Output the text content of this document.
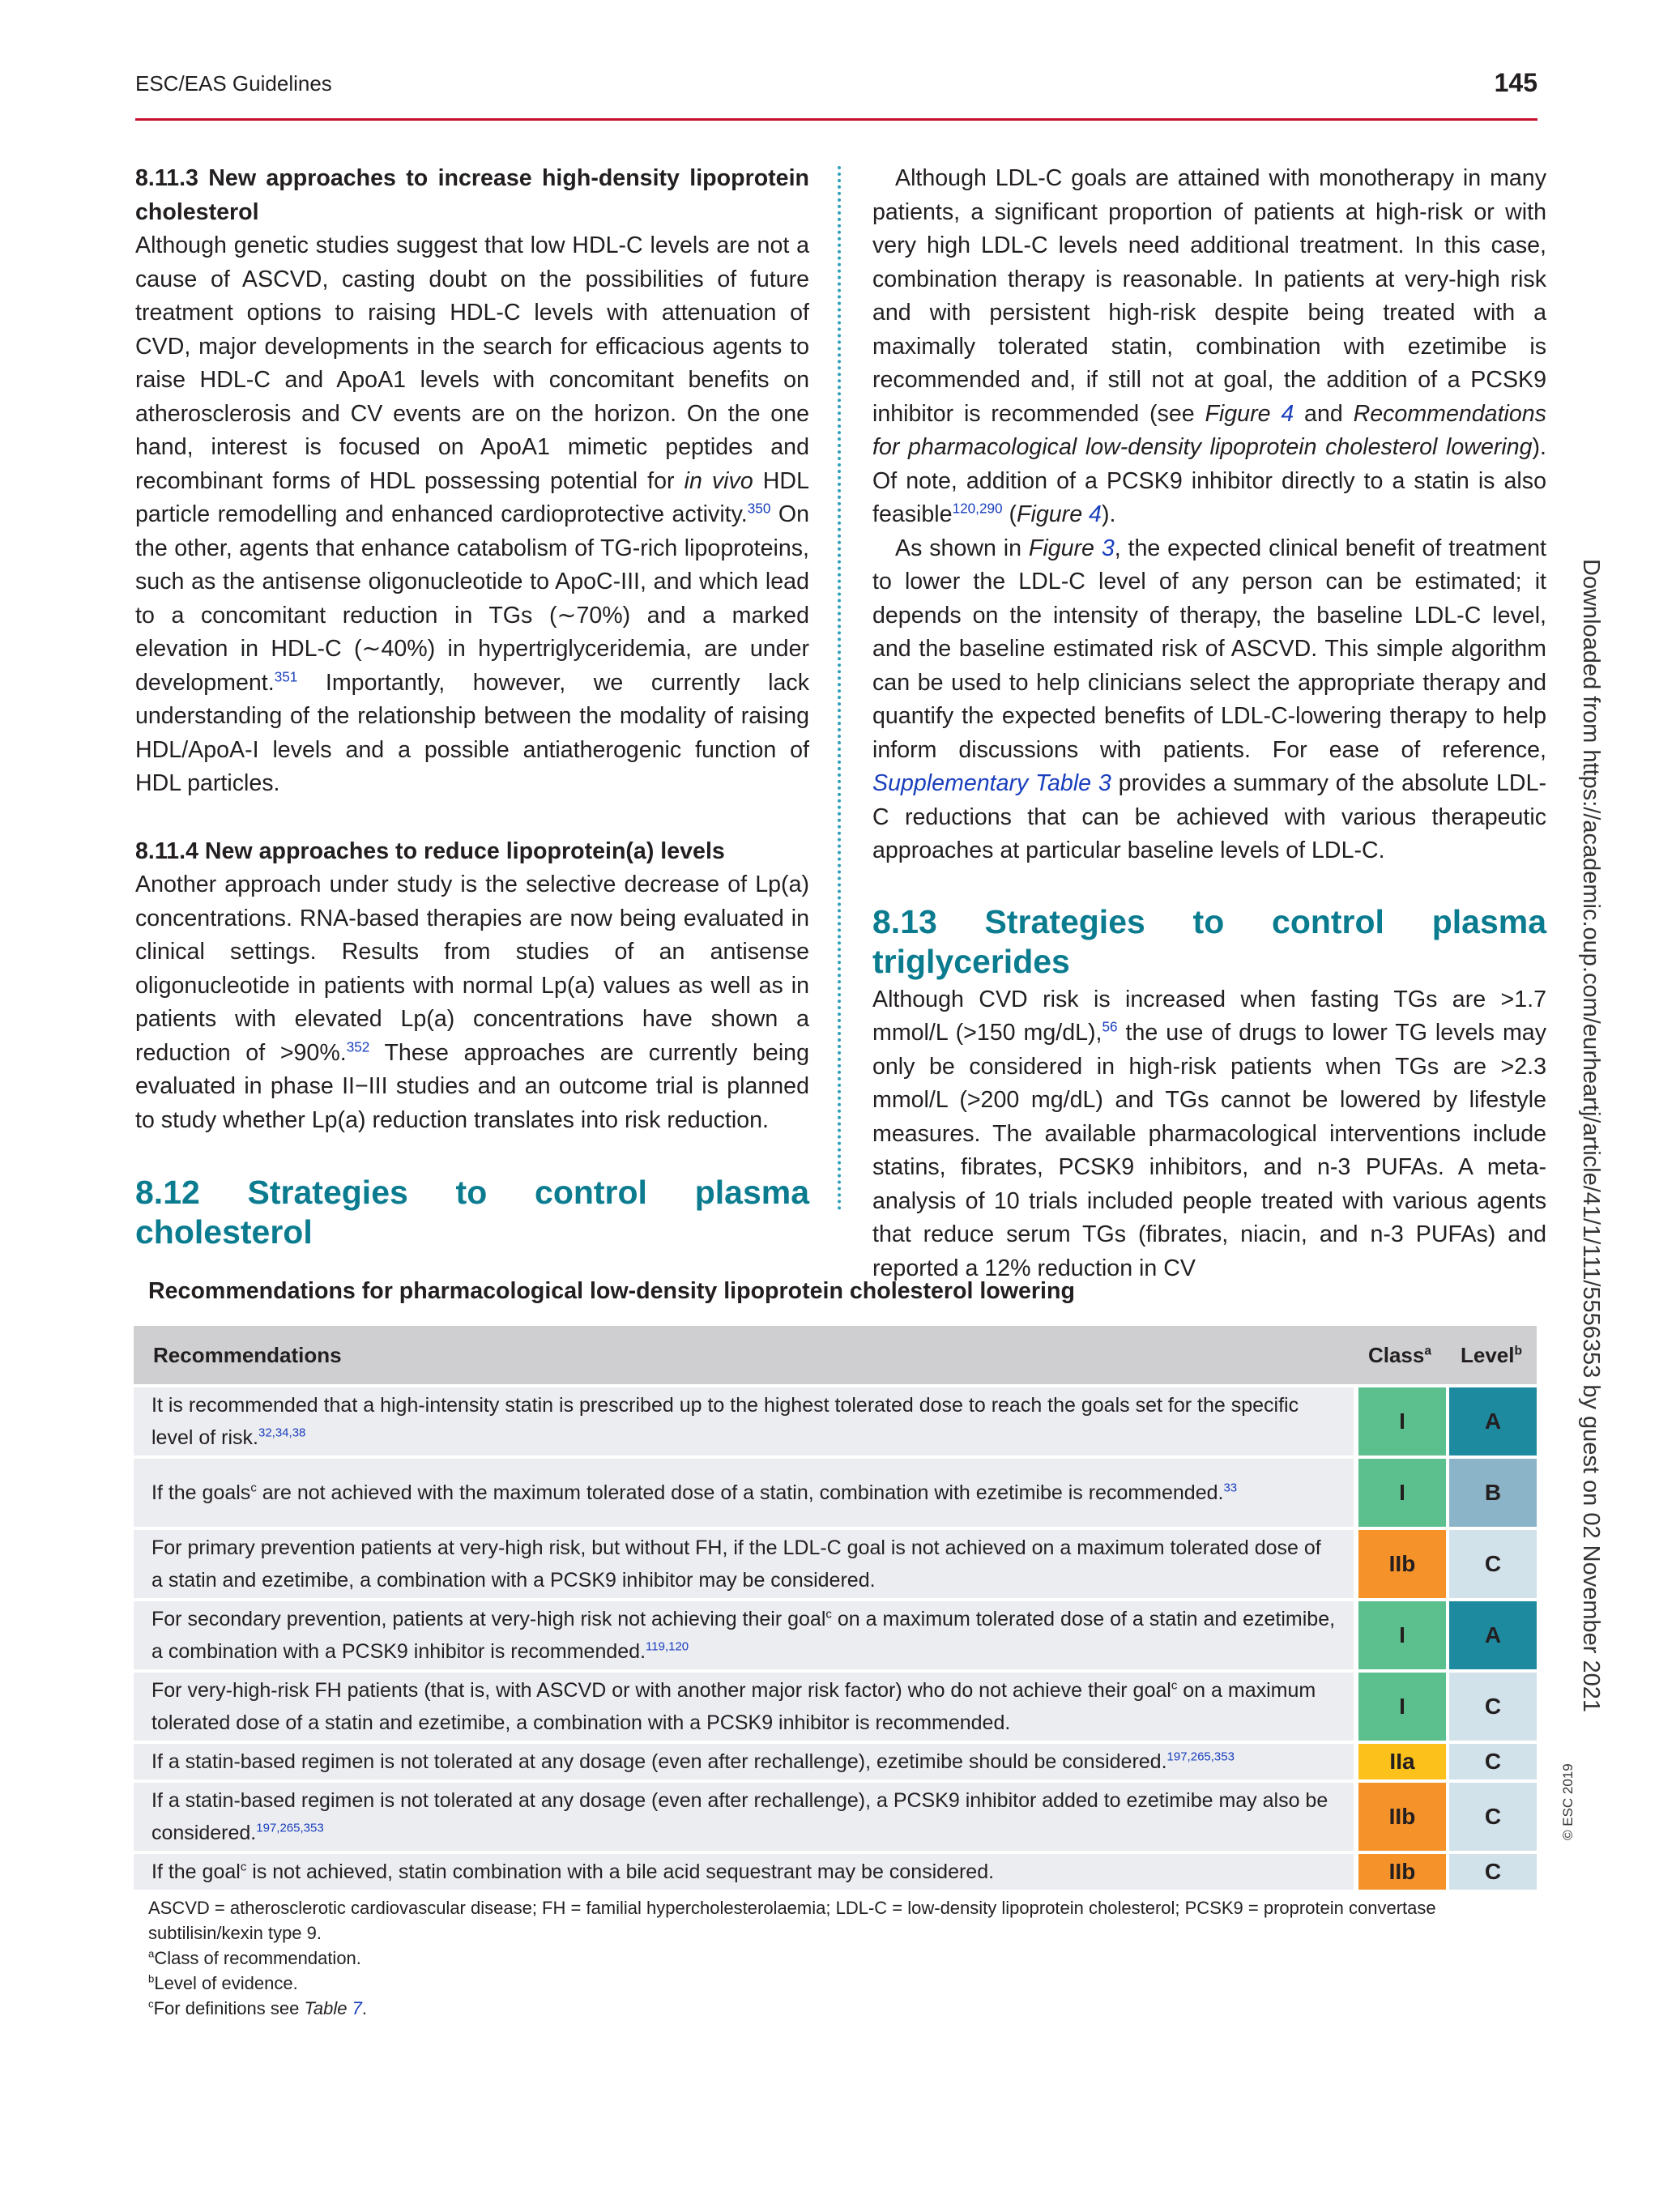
ESC/EAS Guidelines	145
8.11.3 New approaches to increase high-density lipoprotein cholesterol

Although genetic studies suggest that low HDL-C levels are not a cause of ASCVD, casting doubt on the possibilities of future treatment options to raising HDL-C levels with attenuation of CVD, major developments in the search for efficacious agents to raise HDL-C and ApoA1 levels with concomitant benefits on atherosclerosis and CV events are on the horizon. On the one hand, interest is focused on ApoA1 mimetic peptides and recombinant forms of HDL possessing potential for in vivo HDL particle remodelling and enhanced cardioprotective activity.$^{350}$ On the other, agents that enhance catabolism of TG-rich lipoproteins, such as the antisense oligonucleotide to ApoC-III, and which lead to a concomitant reduction in TGs (∼70%) and a marked elevation in HDL-C (∼40%) in hypertriglyceridemia, are under development.$^{351}$ Importantly, however, we currently lack understanding of the relationship between the modality of raising HDL/ApoA-I levels and a possible antiatherogenic function of HDL particles.

8.11.4 New approaches to reduce lipoprotein(a) levels

Another approach under study is the selective decrease of Lp(a) concentrations. RNA-based therapies are now being evaluated in clinical settings. Results from studies of an antisense oligonucleotide in patients with normal Lp(a) values as well as in patients with elevated Lp(a) concentrations have shown a reduction of >90%.$^{352}$ These approaches are currently being evaluated in phase II−III studies and an outcome trial is planned to study whether Lp(a) reduction translates into risk reduction.

8.12 Strategies to control plasma cholesterol

Although LDL-C goals are attained with monotherapy in many patients, a significant proportion of patients at high-risk or with very high LDL-C levels need additional treatment. In this case, combination therapy is reasonable. In patients at very-high risk and with persistent high-risk despite being treated with a maximally tolerated statin, combination with ezetimibe is recommended and, if still not at goal, the addition of a PCSK9 inhibitor is recommended (see Figure 4 and Recommendations for pharmacological low-density lipoprotein cholesterol lowering). Of note, addition of a PCSK9 inhibitor directly to a statin is also feasible$^{120,290}$ (Figure 4).

As shown in Figure 3, the expected clinical benefit of treatment to lower the LDL-C level of any person can be estimated; it depends on the intensity of therapy, the baseline LDL-C level, and the baseline estimated risk of ASCVD. This simple algorithm can be used to help clinicians select the appropriate therapy and quantify the expected benefits of LDL-C-lowering therapy to help inform discussions with patients. For ease of reference, Supplementary Table 3 provides a summary of the absolute LDL-C reductions that can be achieved with various therapeutic approaches at particular baseline levels of LDL-C.

8.13 Strategies to control plasma triglycerides

Although CVD risk is increased when fasting TGs are >1.7 mmol/L (>150 mg/dL),$^{56}$ the use of drugs to lower TG levels may only be considered in high-risk patients when TGs are >2.3 mmol/L (>200 mg/dL) and TGs cannot be lowered by lifestyle measures. The available pharmacological interventions include statins, fibrates, PCSK9 inhibitors, and n-3 PUFAs. A meta-analysis of 10 trials included people treated with various agents that reduce serum TGs (fibrates, niacin, and n-3 PUFAs) and reported a 12% reduction in CV	Downloaded from https://academic.oup.com/eurheartj/article/41/1/111/5556353 by guest on 02 November 2021
© ESC 2019
Recommendations for pharmacological low-density lipoprotein cholesterol lowering
Recommendations	Class$^a$	Level$^b$
It is recommended that a high-intensity statin is prescribed up to the highest tolerated dose to reach the goals set for the specific level of risk.$^{32,34,38}$	I	A
If the goals$^c$ are not achieved with the maximum tolerated dose of a statin, combination with ezetimibe is recommended.$^{33}$	I	B
For primary prevention patients at very-high risk, but without FH, if the LDL-C goal is not achieved on a maximum tolerated dose of a statin and ezetimibe, a combination with a PCSK9 inhibitor may be considered.	IIb	C
For secondary prevention, patients at very-high risk not achieving their goal$^c$ on a maximum tolerated dose of a statin and ezetimibe, a combination with a PCSK9 inhibitor is recommended.$^{119,120}$	I	A
For very-high-risk FH patients (that is, with ASCVD or with another major risk factor) who do not achieve their goal$^c$ on a maximum tolerated dose of a statin and ezetimibe, a combination with a PCSK9 inhibitor is recommended.	I	C
If a statin-based regimen is not tolerated at any dosage (even after rechallenge), ezetimibe should be considered.$^{197,265,353}$	IIa	C
If a statin-based regimen is not tolerated at any dosage (even after rechallenge), a PCSK9 inhibitor added to ezetimibe may also be considered.$^{197,265,353}$	IIb	C
If the goal$^c$ is not achieved, statin combination with a bile acid sequestrant may be considered.	IIb	C

ASCVD = atherosclerotic cardiovascular disease; FH = familial hypercholesterolaemia; LDL-C = low-density lipoprotein cholesterol; PCSK9 = proprotein convertase subtilisin/kexin type 9.

$^a$Class of recommendation.

$^b$Level of evidence.

$^c$For definitions see Table 7.
